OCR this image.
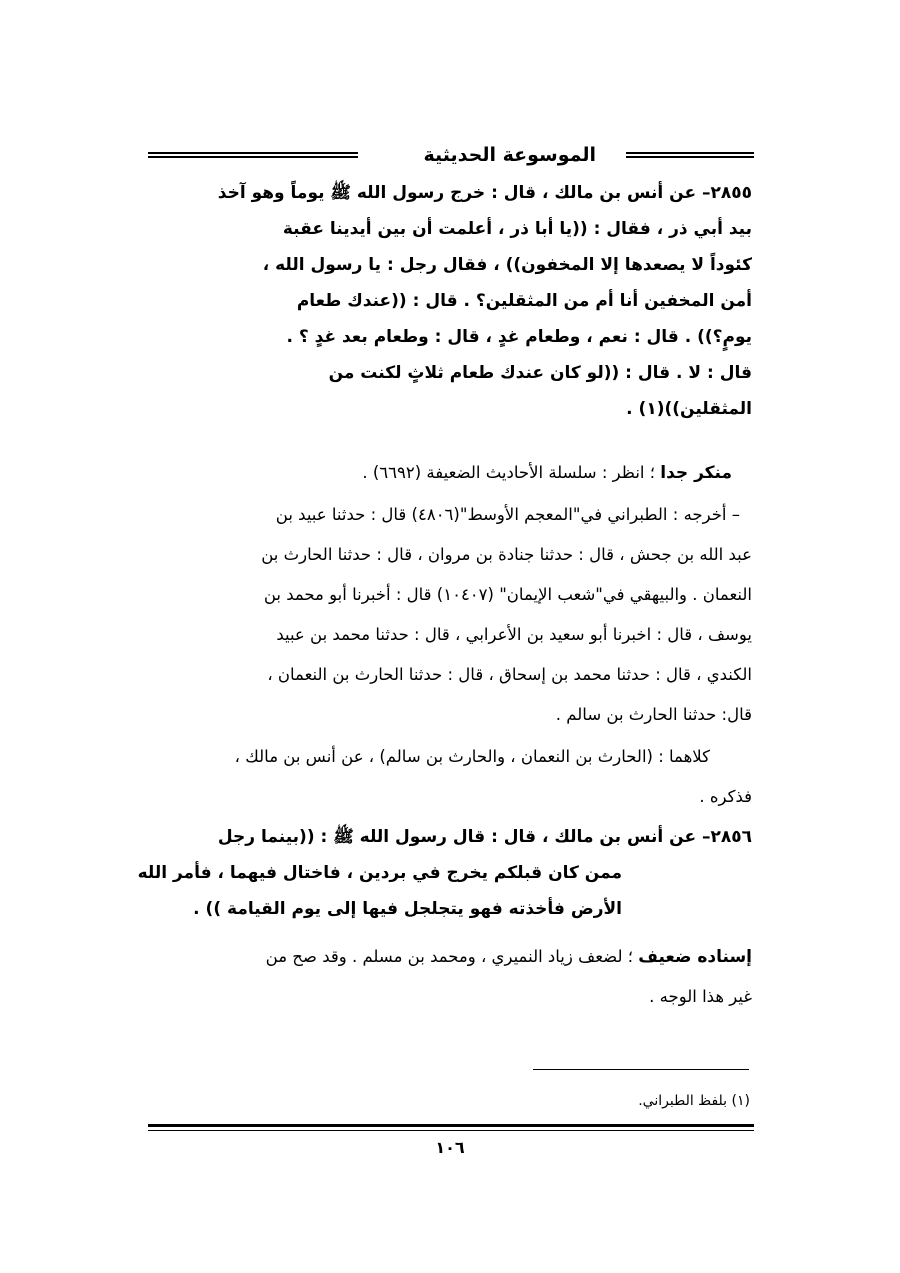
الموسوعة الحديثية
٢٨٥٥– عن أنس بن مالك ، قال : خرج رسول الله ﷺ يوماً وهو آخذ
بيد أبي ذر ، فقال : ((يا أبا ذر ، أعلمت أن بين أيدينا عقبة
كئوداً لا يصعدها إلا المخفون)) ، فقال رجل : يا رسول الله ،
أمن المخفين أنا أم من المثقلين؟ . قال : ((عندك طعام
يومٍ؟)) . قال : نعم ، وطعام غدٍ ، قال : وطعام بعد غدٍ ؟ .
قال : لا . قال : ((لو كان عندك طعام ثلاثٍ لكنت من
المثقلين))(١) .
منكر جدا ؛ انظر : سلسلة الأحاديث الضعيفة (٦٦٩٢) .
– أخرجه : الطبراني في"المعجم الأوسط"(٤٨٠٦) قال : حدثنا عبيد بن
عبد الله بن جحش ، قال : حدثنا جنادة بن مروان ، قال : حدثنا الحارث بن
النعمان . والبيهقي في"شعب الإيمان" (١٠٤٠٧) قال : أخبرنا أبو محمد بن
يوسف ، قال : اخبرنا أبو سعيد بن الأعرابي ، قال : حدثنا محمد بن عبيد
الكندي ، قال : حدثنا محمد بن إسحاق ، قال : حدثنا الحارث بن النعمان ،
قال: حدثنا الحارث بن سالم .
كلاهما : (الحارث بن النعمان ، والحارث بن سالم) ، عن أنس بن مالك ،
فذكره .
٢٨٥٦– عن أنس بن مالك ، قال : قال رسول الله ﷺ : ((بينما رجل
ممن كان قبلكم يخرج في بردين ، فاختال فيهما ، فأمر الله
الأرض فأخذته فهو يتجلجل فيها إلى يوم القيامة )) .
إسناده ضعيف ؛ لضعف زياد النميري ، ومحمد بن مسلم . وقد صح من
غير هذا الوجه .
(١) بلفظ الطبراني.
١٠٦
